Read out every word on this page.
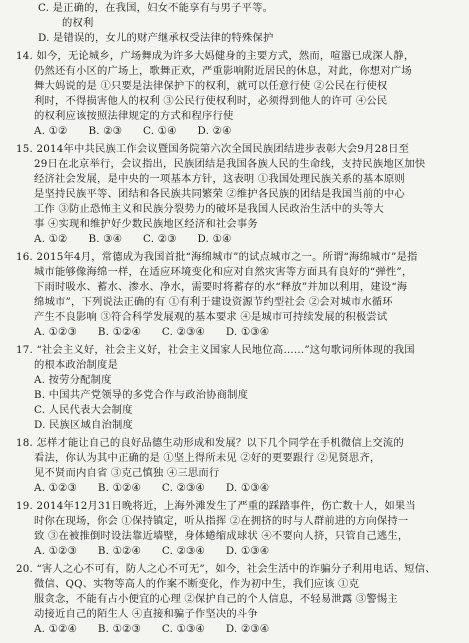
C. 是正确的，在我国，妇女不能享有与男子平等。
的权利
D. 是错误的，女儿的财产继承权受法律的特殊保护
14. 如今，无论城乡，广场舞成为许多大妈健身的主要方式，然而，喧嚣已成深人静，
仍然还有小区的广场上，歌舞正欢，严重影响附近居民的休息，对此，你想对广场
舞大妈说的是 ①只要是法律保护下的权利，就可以任意行使 ②公民在行使权
利时，不得损害他人的权利 ③公民行使权利时，必须得到他人的许可 ④公民
的权利应该按照法律规定的方式和程序行使
A. ①②　　B. ②③　　C. ①④　　D. ②④
15. 2014年中共民族工作会议暨国务院第六次全国民族团结进步表彰大会9月28日至
29日在北京举行，会议指出，民族团结是我国各族人民的生命线，支持民族地区加快
经济社会发展，是中央的一项基本方针，这表明 ①我国处理民族关系的基本原则
是坚持民族平等、团结和各民族共同繁荣 ②维护各民族的团结是我国当前的中心
工作 ③防止恐怖主义和民族分裂势力的破坏是我国人民政治生活中的头等大
事 ④实现和维护好少数民族地区经济和社会事务
A. ①②　　B. ③④　　C. ②③　　D. ①④
16. 2015年4月，常德成为我国首批“海绵城市”的试点城市之一。所谓“海绵城市”是指
城市能够像海绵一样，在适应环境变化和应对自然灾害等方面具有良好的“弹性”，
下雨时吸水、蓄水、渗水、净水，需要时将蓄存的水“释放”并加以利用，建设“海
绵城市”，下列说法正确的有 ①有利于建设资源节约型社会 ②会对城市水循环
产生不良影响 ③符合科学发展观的基本要求 ④是城市可持续发展的积极尝试
A. ①②③　　B. ①②④　　C. ②③④　　D. ①③④
17. “社会主义好，社会主义好，社会主义国家人民地位高……”这句歌词所体现的我国
的根本政治制度是
A. 按劳分配制度
B. 中国共产党领导的多党合作与政治协商制度
C. 人民代表大会制度
D. 民族区域自治制度
18. 怎样才能让自己的良好品德生动形成和发展？以下几个同学在手机微信上交流的
看法，你认为其中正确的是 ①坚上得所未见 ②好的更要跟行 ②见贤思齐，
见不贤而内自省 ③克己慎独 ④三思而行
A. ①②③　　B. ①②④　　C. ②③④　　D. ①③④
19. 2014年12月31日晚将近，上海外滩发生了严重的踩踏事件，伤亡数十人，如果当
时你在现场，你会 ①保持镇定，听从指挥 ②在拥挤的时与人群前进的方向保持一
致 ③在被推倒时设法靠近墙壁，身体蜷缩成球状 ④不要向人挤，只管自己逃生，
A. ①②③　　B. ①②④　　C. ②③④　　D. ①③④
20. “害人之心不可有，防人之心不可无”，如今，社会生活中的诈骗分子利用电话、短信、
微信、QQ、实物等高人的作案不断变化，作为初中生，我们应该 ①克
服贪念，不能有占小便宜的心理 ②保护自己的个人信息，不轻易泄露 ③警惕主
动接近自己的陌生人 ④直接和骗子作坚决的斗争
A. ①②④　　B. ①②③　　C. ①③④　　D. ②③④
